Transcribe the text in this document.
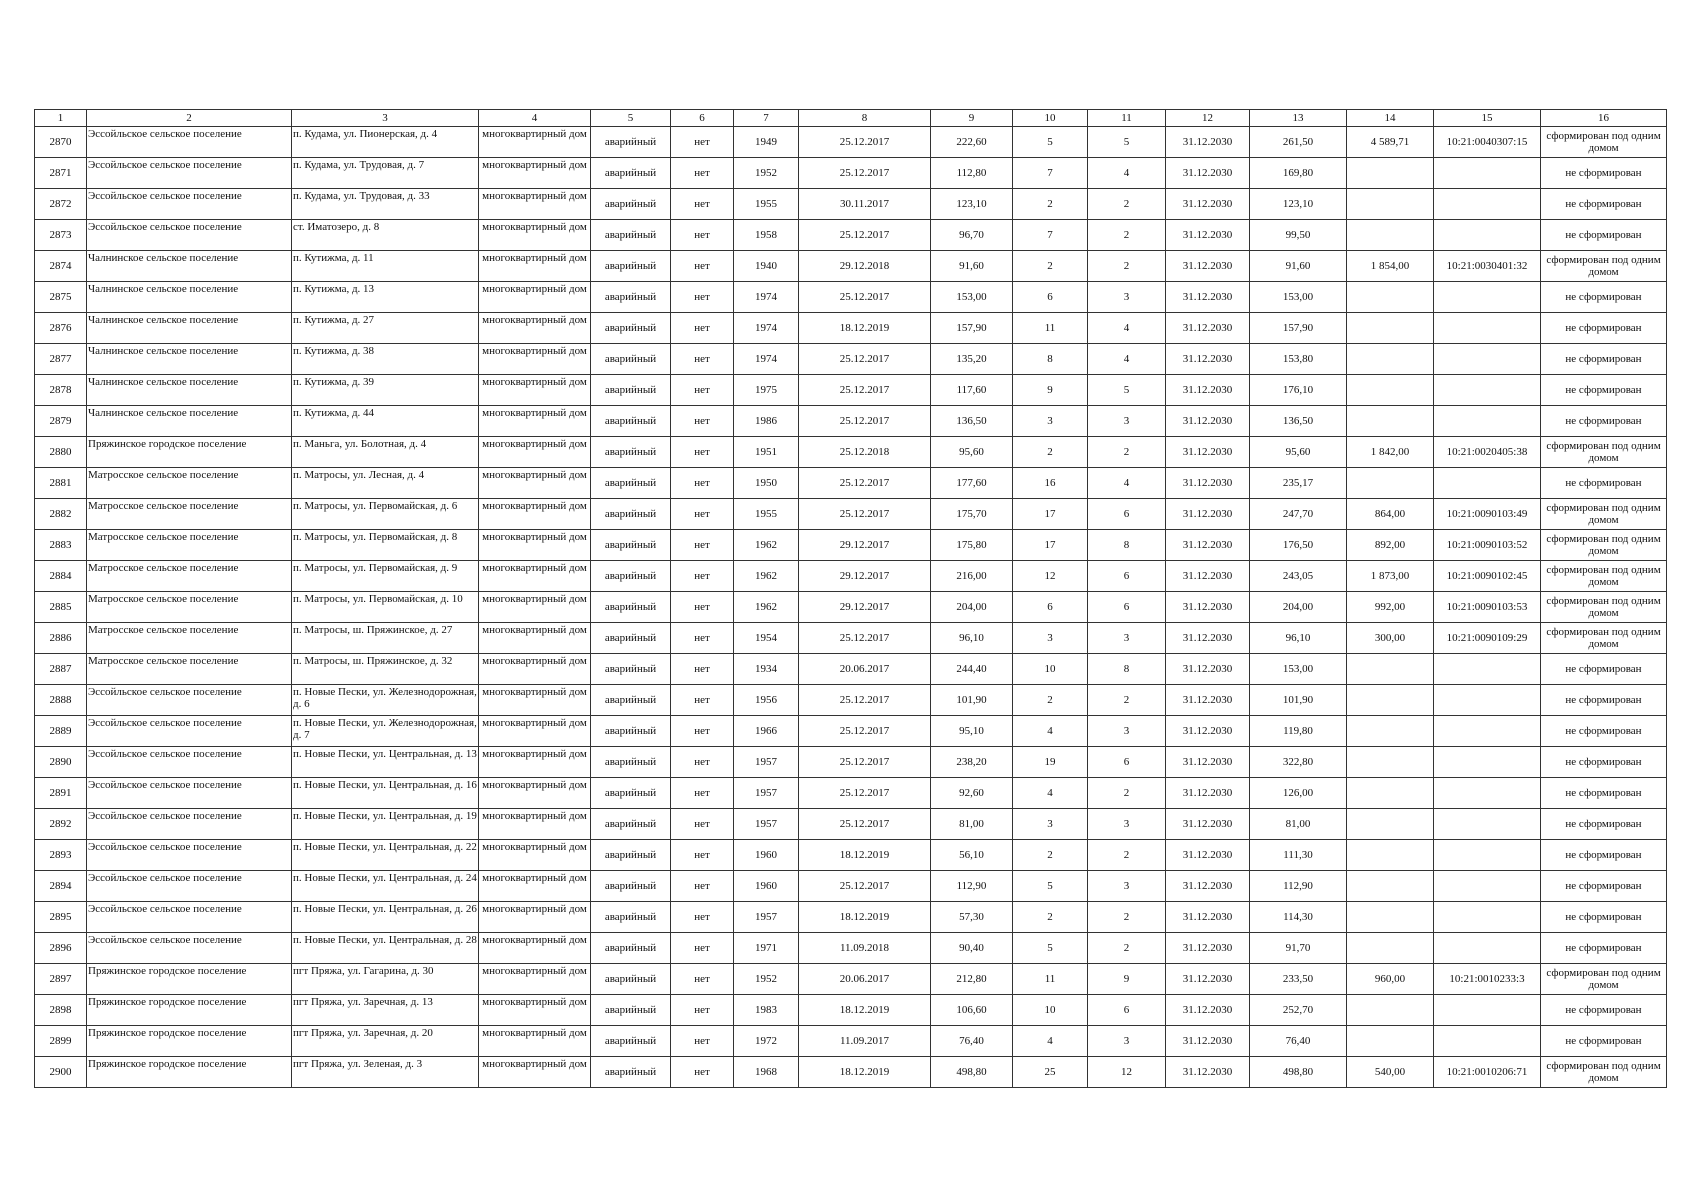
1	2	3	4	5	6	7	8	9	10	11	12	13	14	15	16
2870	Эссойльское сельское поселение	п. Кудама, ул. Пионерская, д. 4	многоквартирный дом	аварийный	нет	1949	25.12.2017	222,60	5	5	31.12.2030	261,50	4 589,71	10:21:0040307:15	сформирован под одним домом
2871	Эссойльское сельское поселение	п. Кудама, ул. Трудовая, д. 7	многоквартирный дом	аварийный	нет	1952	25.12.2017	112,80	7	4	31.12.2030	169,80			не сформирован
2872	Эссойльское сельское поселение	п. Кудама, ул. Трудовая, д. 33	многоквартирный дом	аварийный	нет	1955	30.11.2017	123,10	2	2	31.12.2030	123,10			не сформирован
2873	Эссойльское сельское поселение	ст. Иматозеро, д. 8	многоквартирный дом	аварийный	нет	1958	25.12.2017	96,70	7	2	31.12.2030	99,50			не сформирован
2874	Чалнинское сельское поселение	п. Кутижма, д. 11	многоквартирный дом	аварийный	нет	1940	29.12.2018	91,60	2	2	31.12.2030	91,60	1 854,00	10:21:0030401:32	сформирован под одним домом
2875	Чалнинское сельское поселение	п. Кутижма, д. 13	многоквартирный дом	аварийный	нет	1974	25.12.2017	153,00	6	3	31.12.2030	153,00			не сформирован
2876	Чалнинское сельское поселение	п. Кутижма, д. 27	многоквартирный дом	аварийный	нет	1974	18.12.2019	157,90	11	4	31.12.2030	157,90			не сформирован
2877	Чалнинское сельское поселение	п. Кутижма, д. 38	многоквартирный дом	аварийный	нет	1974	25.12.2017	135,20	8	4	31.12.2030	153,80			не сформирован
2878	Чалнинское сельское поселение	п. Кутижма, д. 39	многоквартирный дом	аварийный	нет	1975	25.12.2017	117,60	9	5	31.12.2030	176,10			не сформирован
2879	Чалнинское сельское поселение	п. Кутижма, д. 44	многоквартирный дом	аварийный	нет	1986	25.12.2017	136,50	3	3	31.12.2030	136,50			не сформирован
2880	Пряжинское городское поселение	п. Маньга, ул. Болотная, д. 4	многоквартирный дом	аварийный	нет	1951	25.12.2018	95,60	2	2	31.12.2030	95,60	1 842,00	10:21:0020405:38	сформирован под одним домом
2881	Матросское сельское поселение	п. Матросы, ул. Лесная, д. 4	многоквартирный дом	аварийный	нет	1950	25.12.2017	177,60	16	4	31.12.2030	235,17			не сформирован
2882	Матросское сельское поселение	п. Матросы, ул. Первомайская, д. 6	многоквартирный дом	аварийный	нет	1955	25.12.2017	175,70	17	6	31.12.2030	247,70	864,00	10:21:0090103:49	сформирован под одним домом
2883	Матросское сельское поселение	п. Матросы, ул. Первомайская, д. 8	многоквартирный дом	аварийный	нет	1962	29.12.2017	175,80	17	8	31.12.2030	176,50	892,00	10:21:0090103:52	сформирован под одним домом
2884	Матросское сельское поселение	п. Матросы, ул. Первомайская, д. 9	многоквартирный дом	аварийный	нет	1962	29.12.2017	216,00	12	6	31.12.2030	243,05	1 873,00	10:21:0090102:45	сформирован под одним домом
2885	Матросское сельское поселение	п. Матросы, ул. Первомайская, д. 10	многоквартирный дом	аварийный	нет	1962	29.12.2017	204,00	6	6	31.12.2030	204,00	992,00	10:21:0090103:53	сформирован под одним домом
2886	Матросское сельское поселение	п. Матросы, ш. Пряжинское, д. 27	многоквартирный дом	аварийный	нет	1954	25.12.2017	96,10	3	3	31.12.2030	96,10	300,00	10:21:0090109:29	сформирован под одним домом
2887	Матросское сельское поселение	п. Матросы, ш. Пряжинское, д. 32	многоквартирный дом	аварийный	нет	1934	20.06.2017	244,40	10	8	31.12.2030	153,00			не сформирован
2888	Эссойльское сельское поселение	п. Новые Пески, ул. Железнодорожная, д. 6	многоквартирный дом	аварийный	нет	1956	25.12.2017	101,90	2	2	31.12.2030	101,90			не сформирован
2889	Эссойльское сельское поселение	п. Новые Пески, ул. Железнодорожная, д. 7	многоквартирный дом	аварийный	нет	1966	25.12.2017	95,10	4	3	31.12.2030	119,80			не сформирован
2890	Эссойльское сельское поселение	п. Новые Пески, ул. Центральная, д. 13	многоквартирный дом	аварийный	нет	1957	25.12.2017	238,20	19	6	31.12.2030	322,80			не сформирован
2891	Эссойльское сельское поселение	п. Новые Пески, ул. Центральная, д. 16	многоквартирный дом	аварийный	нет	1957	25.12.2017	92,60	4	2	31.12.2030	126,00			не сформирован
2892	Эссойльское сельское поселение	п. Новые Пески, ул. Центральная, д. 19	многоквартирный дом	аварийный	нет	1957	25.12.2017	81,00	3	3	31.12.2030	81,00			не сформирован
2893	Эссойльское сельское поселение	п. Новые Пески, ул. Центральная, д. 22	многоквартирный дом	аварийный	нет	1960	18.12.2019	56,10	2	2	31.12.2030	111,30			не сформирован
2894	Эссойльское сельское поселение	п. Новые Пески, ул. Центральная, д. 24	многоквартирный дом	аварийный	нет	1960	25.12.2017	112,90	5	3	31.12.2030	112,90			не сформирован
2895	Эссойльское сельское поселение	п. Новые Пески, ул. Центральная, д. 26	многоквартирный дом	аварийный	нет	1957	18.12.2019	57,30	2	2	31.12.2030	114,30			не сформирован
2896	Эссойльское сельское поселение	п. Новые Пески, ул. Центральная, д. 28	многоквартирный дом	аварийный	нет	1971	11.09.2018	90,40	5	2	31.12.2030	91,70			не сформирован
2897	Пряжинское городское поселение	пгт Пряжа, ул. Гагарина, д. 30	многоквартирный дом	аварийный	нет	1952	20.06.2017	212,80	11	9	31.12.2030	233,50	960,00	10:21:0010233:3	сформирован под одним домом
2898	Пряжинское городское поселение	пгт Пряжа, ул. Заречная, д. 13	многоквартирный дом	аварийный	нет	1983	18.12.2019	106,60	10	6	31.12.2030	252,70			не сформирован
2899	Пряжинское городское поселение	пгт Пряжа, ул. Заречная, д. 20	многоквартирный дом	аварийный	нет	1972	11.09.2017	76,40	4	3	31.12.2030	76,40			не сформирован
2900	Пряжинское городское поселение	пгт Пряжа, ул. Зеленая, д. 3	многоквартирный дом	аварийный	нет	1968	18.12.2019	498,80	25	12	31.12.2030	498,80	540,00	10:21:0010206:71	сформирован под одним домом
